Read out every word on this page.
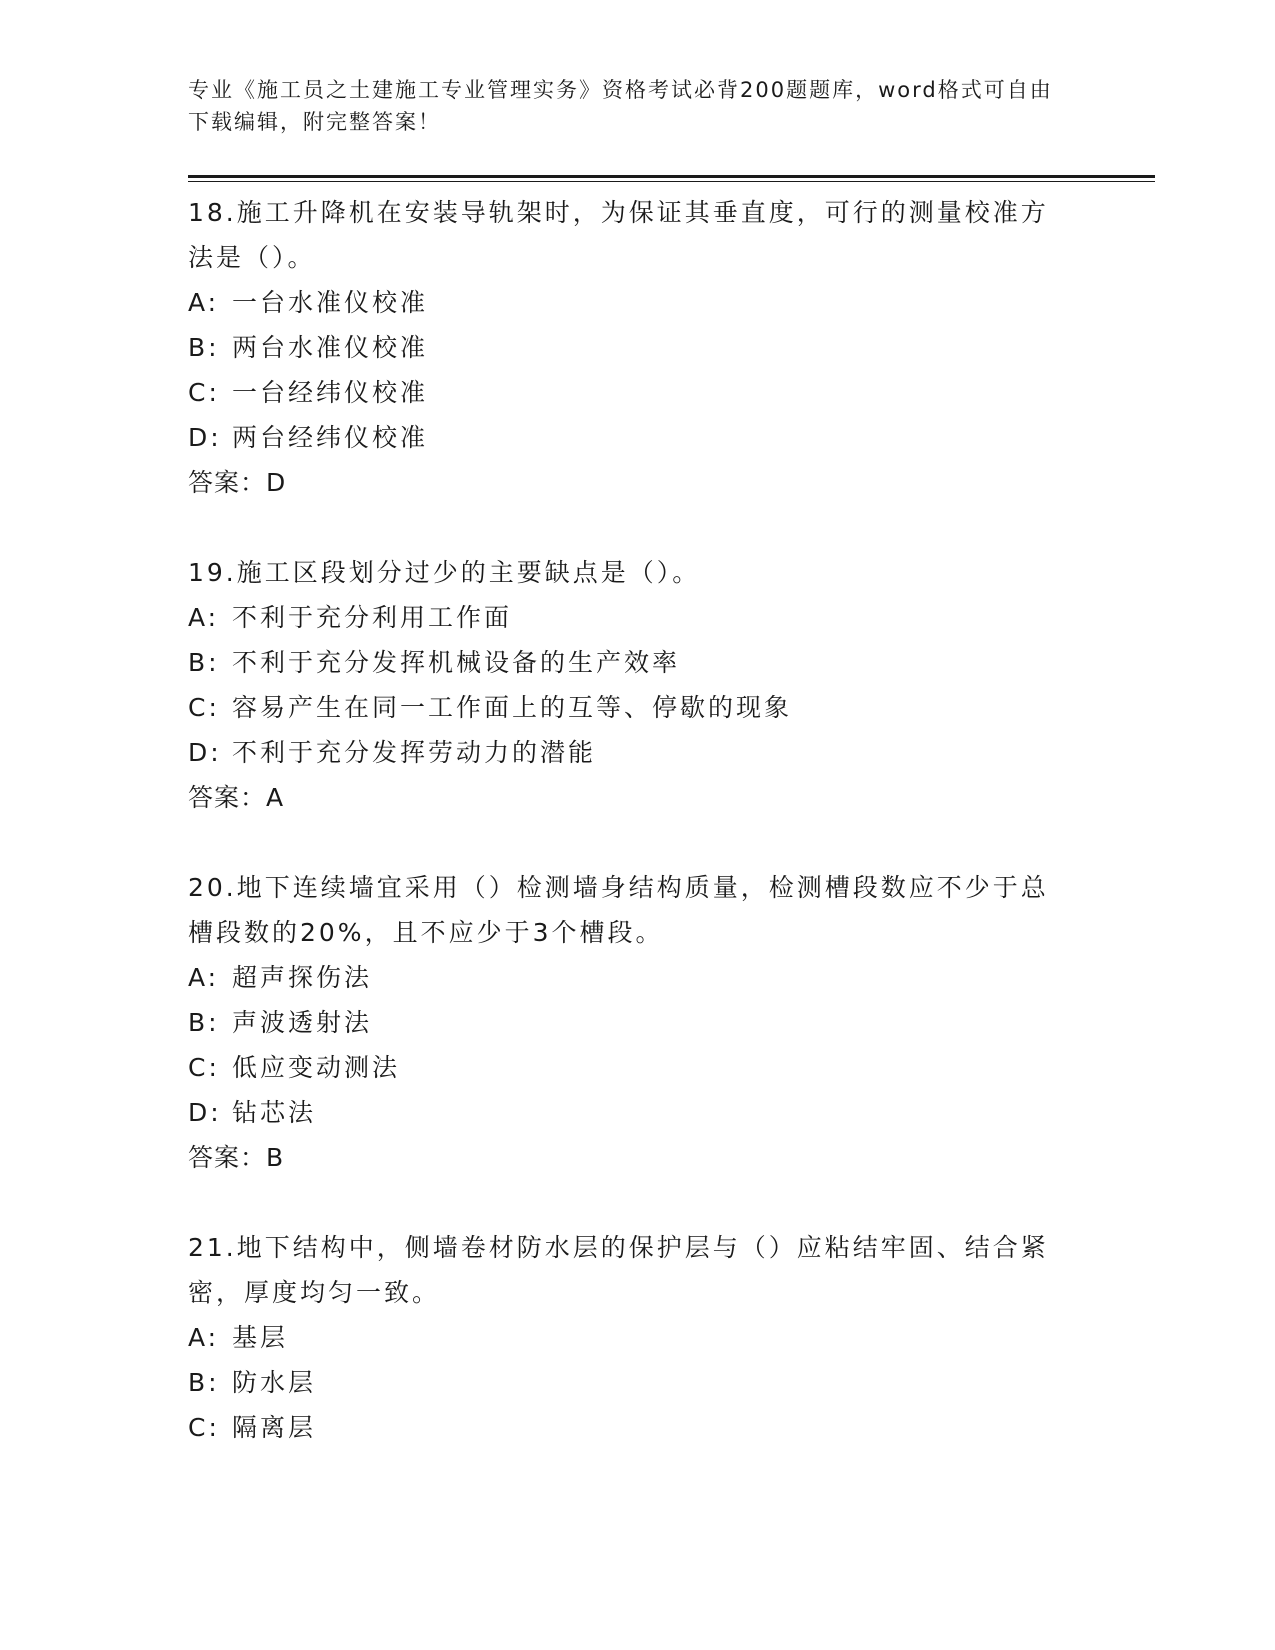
专业《施工员之土建施工专业管理实务》资格考试必背200题题库，word格式可自由下载编辑，附完整答案！
18.施工升降机在安装导轨架时，为保证其垂直度，可行的测量校准方法是（）。
A: 一台水准仪校准
B: 两台水准仪校准
C: 一台经纬仪校准
D: 两台经纬仪校准
答案：D
19.施工区段划分过少的主要缺点是（）。
A: 不利于充分利用工作面
B: 不利于充分发挥机械设备的生产效率
C: 容易产生在同一工作面上的互等、停歇的现象
D: 不利于充分发挥劳动力的潜能
答案：A
20.地下连续墙宜采用（）检测墙身结构质量，检测槽段数应不少于总槽段数的20%，且不应少于3个槽段。
A: 超声探伤法
B: 声波透射法
C: 低应变动测法
D: 钻芯法
答案：B
21.地下结构中，侧墙卷材防水层的保护层与（）应粘结牢固、结合紧密，厚度均匀一致。
A: 基层
B: 防水层
C: 隔离层
